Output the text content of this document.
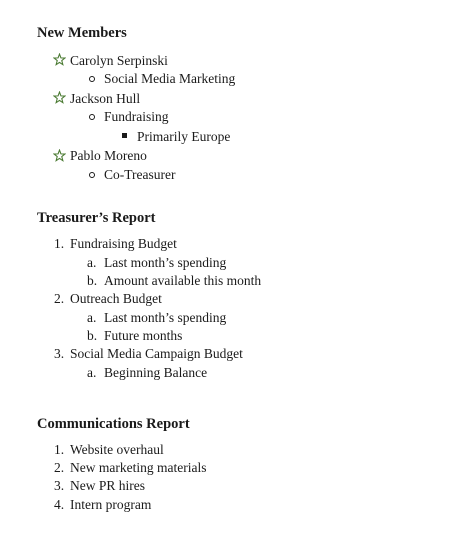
New Members
Carolyn Serpinski
Social Media Marketing
Jackson Hull
Fundraising
Primarily Europe
Pablo Moreno
Co-Treasurer
Treasurer’s Report
1. Fundraising Budget
a. Last month’s spending
b. Amount available this month
2. Outreach Budget
a. Last month’s spending
b. Future months
3. Social Media Campaign Budget
a. Beginning Balance
Communications Report
1. Website overhaul
2. New marketing materials
3. New PR hires
4. Intern program
